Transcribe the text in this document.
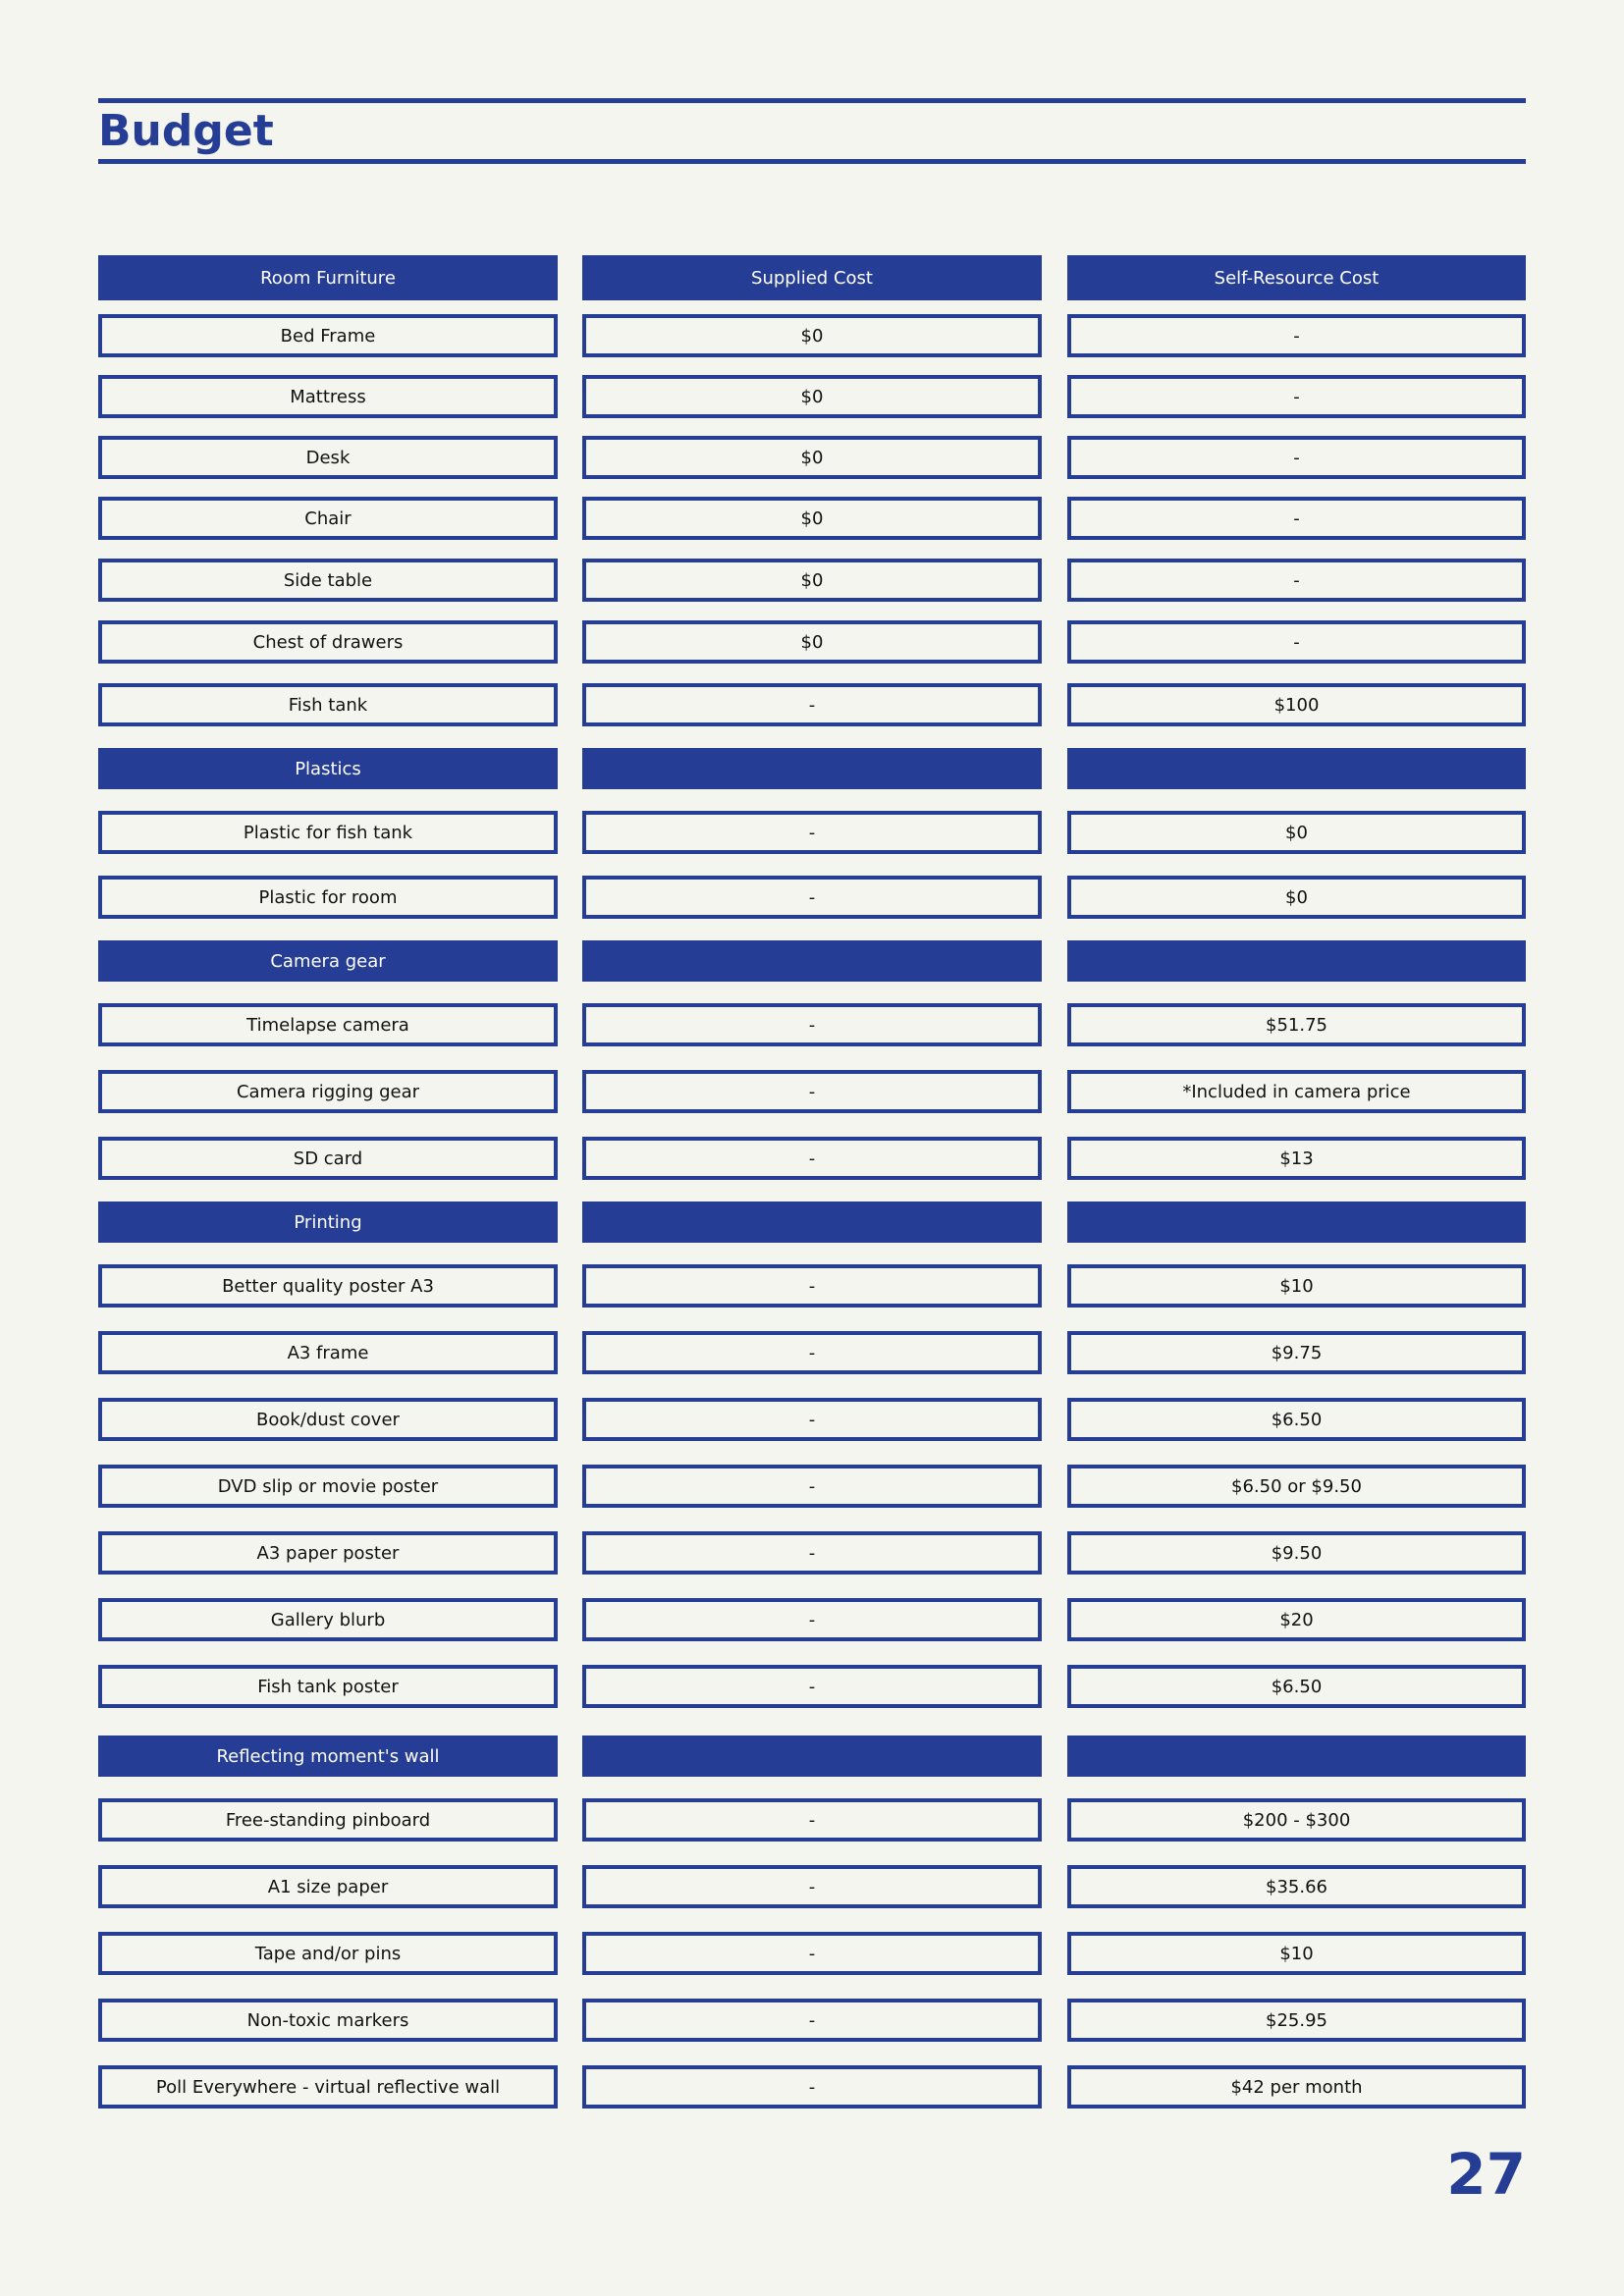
Budget
Room Furniture	Supplied Cost	Self-Resource Cost
Bed Frame	$0	-
Mattress	$0	-
Desk	$0	-
Chair	$0	-
Side table	$0	-
Chest of drawers	$0	-
Fish tank	-	$100
Plastics
Plastic for fish tank	-	$0
Plastic for room	-	$0
Camera gear
Timelapse camera	-	$51.75
Camera rigging gear	-	*Included in camera price
SD card	-	$13
Printing
Better quality poster A3	-	$10
A3 frame	-	$9.75
Book/dust cover	-	$6.50
DVD slip or movie poster	-	$6.50 or $9.50
A3 paper poster	-	$9.50
Gallery blurb	-	$20
Fish tank poster	-	$6.50
Reflecting moment's wall
Free-standing pinboard	-	$200 - $300
A1 size paper	-	$35.66
Tape and/or pins	-	$10
Non-toxic markers	-	$25.95
Poll Everywhere - virtual reflective wall	-	$42 per month
27
